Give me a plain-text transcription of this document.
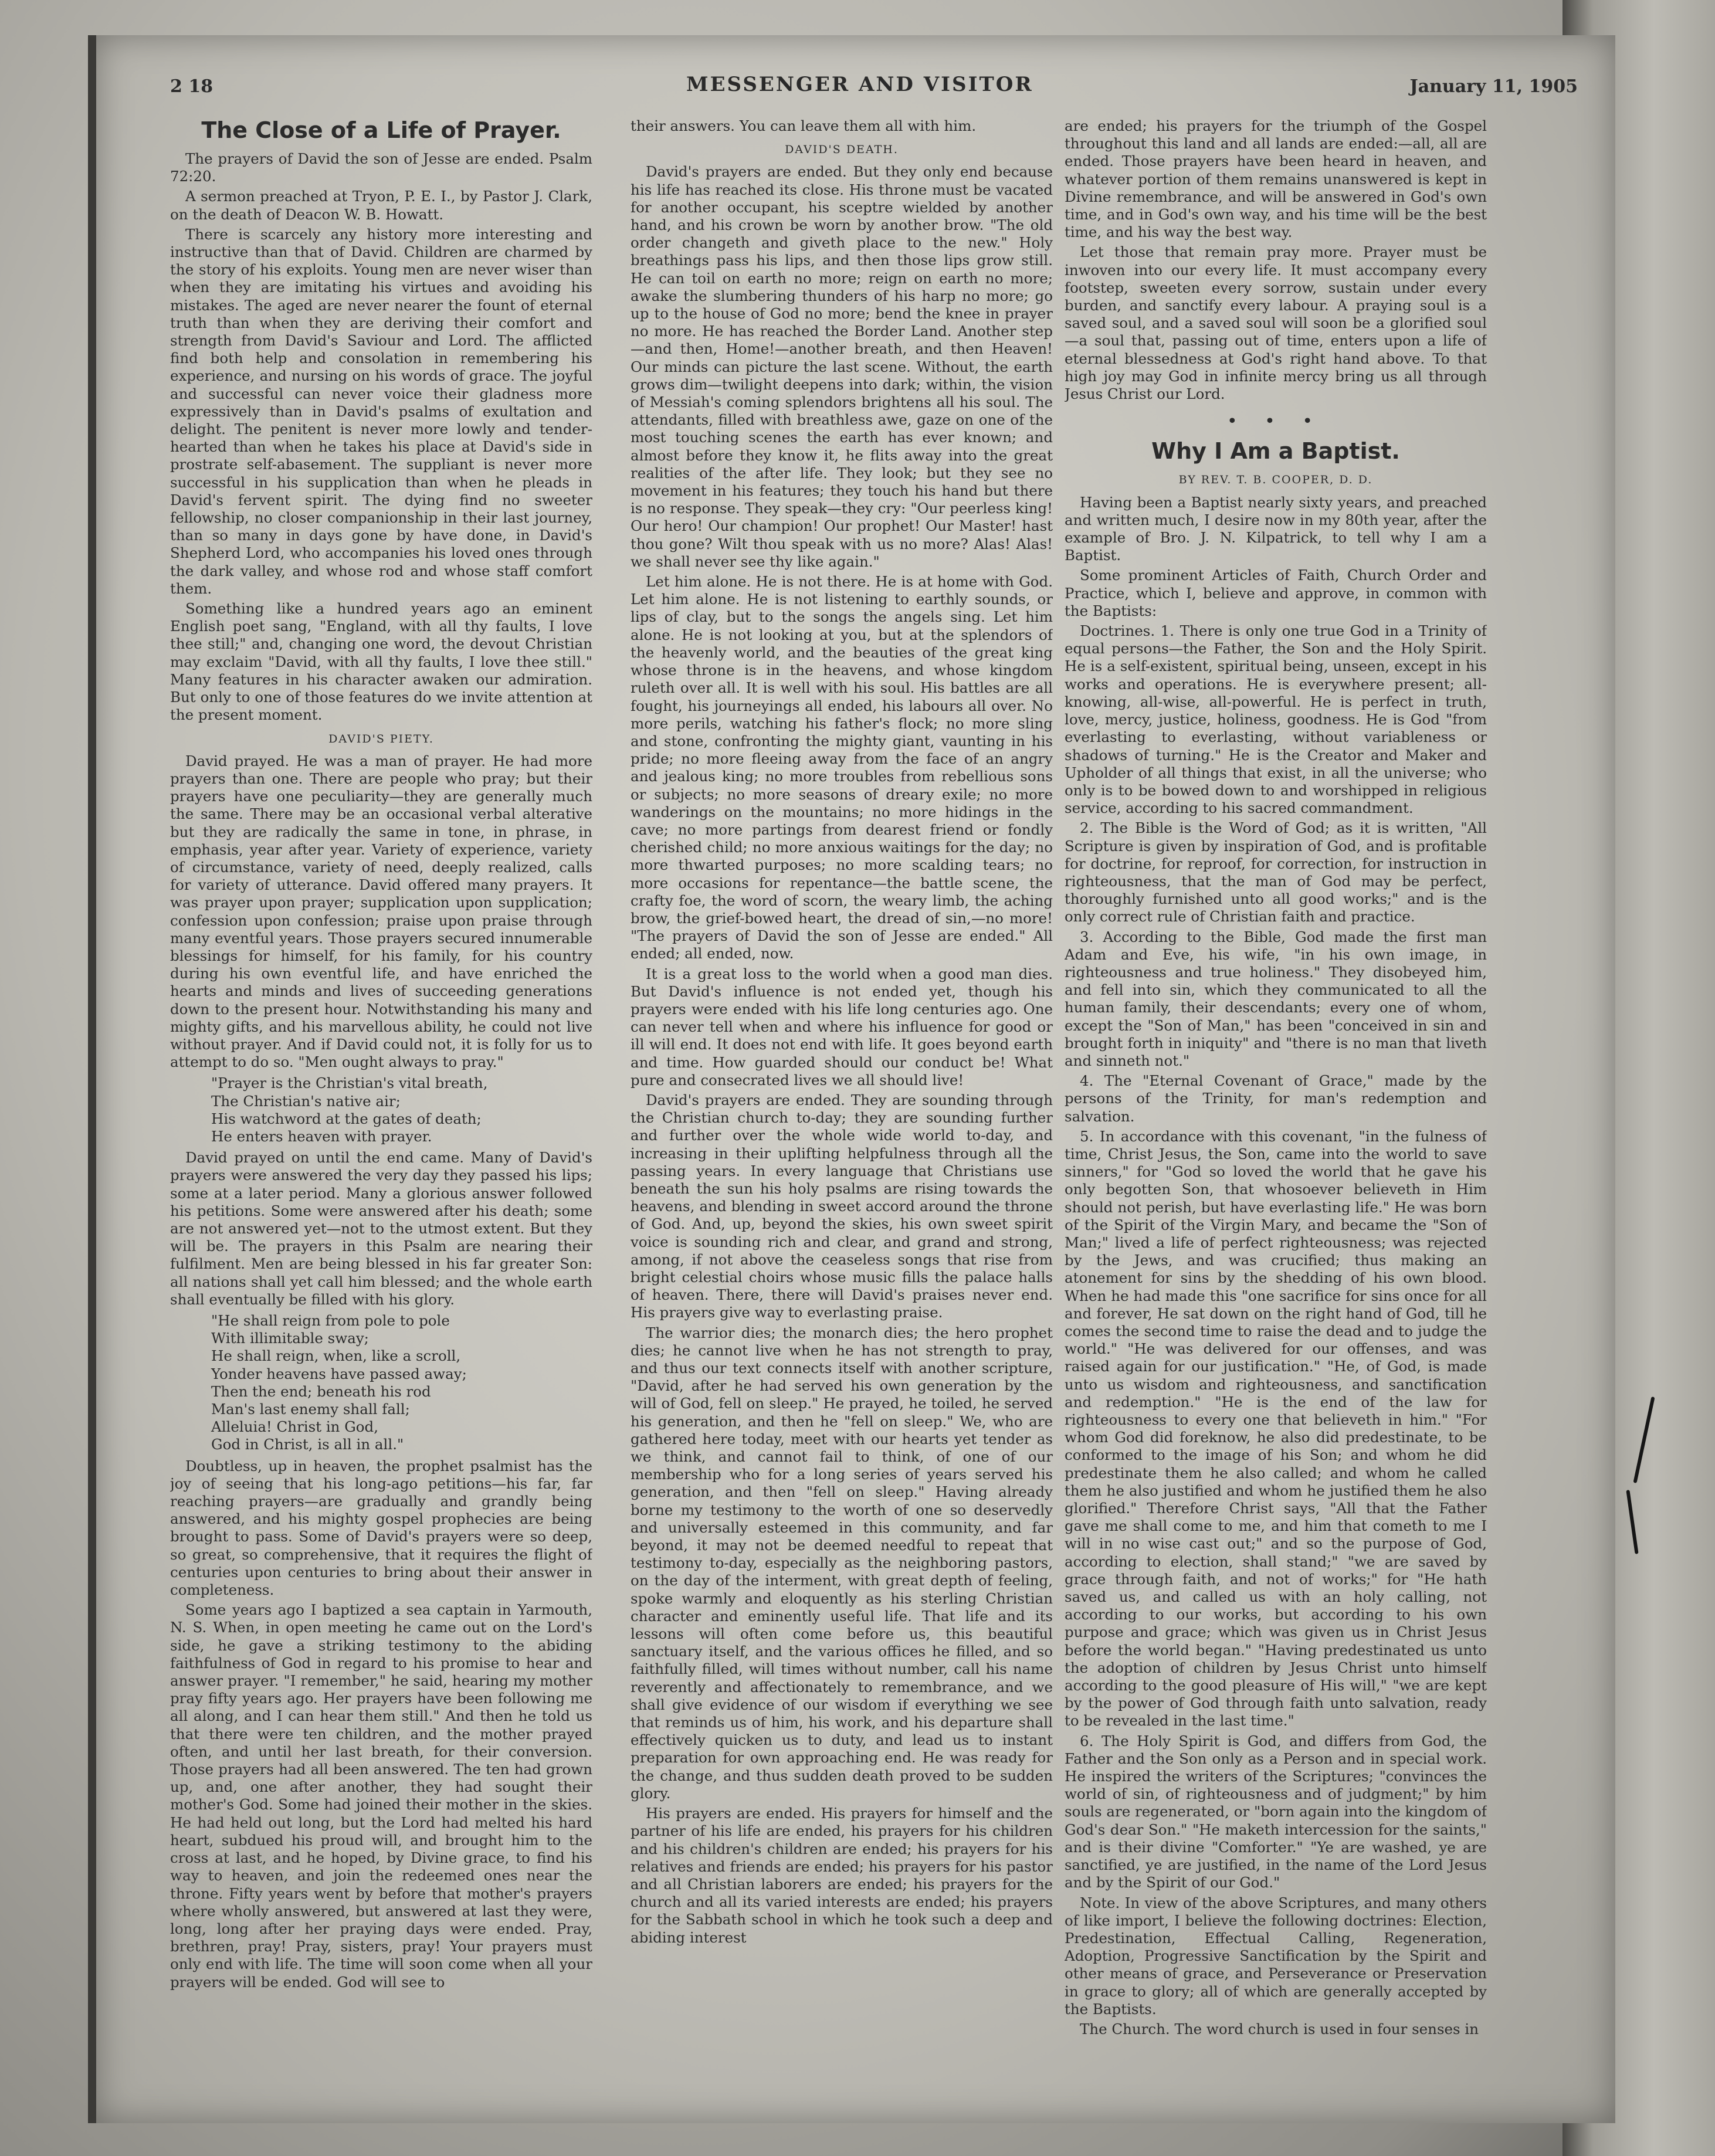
2 18	MESSENGER AND VISITOR	January 11, 1905

The Close of a Life of Prayer.

The prayers of David the son of Jesse are ended. Psalm 72:20.

A sermon preached at Tryon, P. E. I., by Pastor J. Clark, on the death of Deacon W. B. Howatt.

There is scarcely any history more interesting and instructive than that of David. Children are charmed by the story of his exploits. Young men are never wiser than when they are imitating his virtues and avoiding his mistakes. The aged are never nearer the fount of eternal truth than when they are deriving their comfort and strength from David's Saviour and Lord. The afflicted find both help and consolation in remembering his experience, and nursing on his words of grace. The joyful and successful can never voice their gladness more expressively than in David's psalms of exultation and delight. The penitent is never more lowly and tender-hearted than when he takes his place at David's side in prostrate self-abasement. The suppliant is never more successful in his supplication than when he pleads in David's fervent spirit. The dying find no sweeter fellowship, no closer companionship in their last journey, than so many in days gone by have done, in David's Shepherd Lord, who accompanies his loved ones through the dark valley, and whose rod and whose staff comfort them.

Something like a hundred years ago an eminent English poet sang, "England, with all thy faults, I love thee still;" and, changing one word, the devout Christian may exclaim "David, with all thy faults, I love thee still." Many features in his character awaken our admiration. But only to one of those features do we invite attention at the present moment.

DAVID'S PIETY.

David prayed. He was a man of prayer. He had more prayers than one. There are people who pray; but their prayers have one peculiarity—they are generally much the same. There may be an occasional verbal alterative but they are radically the same in tone, in phrase, in emphasis, year after year. Variety of experience, variety of circumstance, variety of need, deeply realized, calls for variety of utterance. David offered many prayers. It was prayer upon prayer; supplication upon supplication; confession upon confession; praise upon praise through many eventful years. Those prayers secured innumerable blessings for himself, for his family, for his country during his own eventful life, and have enriched the hearts and minds and lives of succeeding generations down to the present hour. Notwithstanding his many and mighty gifts, and his marvellous ability, he could not live without prayer. And if David could not, it is folly for us to attempt to do so. "Men ought always to pray."

"Prayer is the Christian's vital breath,
The Christian's native air;
His watchword at the gates of death;
He enters heaven with prayer.

David prayed on until the end came. Many of David's prayers were answered the very day they passed his lips; some at a later period. Many a glorious answer followed his petitions. Some were answered after his death; some are not answered yet—not to the utmost extent. But they will be. The prayers in this Psalm are nearing their fulfilment. Men are being blessed in his far greater Son: all nations shall yet call him blessed; and the whole earth shall eventually be filled with his glory.

"He shall reign from pole to pole
With illimitable sway;
He shall reign, when, like a scroll,
Yonder heavens have passed away;
Then the end; beneath his rod
Man's last enemy shall fall;
Alleluia! Christ in God,
God in Christ, is all in all."

Doubtless, up in heaven, the prophet psalmist has the joy of seeing that his long-ago petitions—his far, far reaching prayers—are gradually and grandly being answered, and his mighty gospel prophecies are being brought to pass. Some of David's prayers were so deep, so great, so comprehensive, that it requires the flight of centuries upon centuries to bring about their answer in completeness.

Some years ago I baptized a sea captain in Yarmouth, N. S. When, in open meeting he came out on the Lord's side, he gave a striking testimony to the abiding faithfulness of God in regard to his promise to hear and answer prayer. "I remember," he said, hearing my mother pray fifty years ago. Her prayers have been following me all along, and I can hear them still." And then he told us that there were ten children, and the mother prayed often, and until her last breath, for their conversion. Those prayers had all been answered. The ten had grown up, and, one after another, they had sought their mother's God. Some had joined their mother in the skies. He had held out long, but the Lord had melted his hard heart, subdued his proud will, and brought him to the cross at last, and he hoped, by Divine grace, to find his way to heaven, and join the redeemed ones near the throne. Fifty years went by before that mother's prayers where wholly answered, but answered at last they were, long, long after her praying days were ended. Pray, brethren, pray! Pray, sisters, pray! Your prayers must only end with life. The time will soon come when all your prayers will be ended. God will see to

their answers. You can leave them all with him.

DAVID'S DEATH.

David's prayers are ended. But they only end because his life has reached its close. His throne must be vacated for another occupant, his sceptre wielded by another hand, and his crown be worn by another brow. "The old order changeth and giveth place to the new." Holy breathings pass his lips, and then those lips grow still. He can toil on earth no more; reign on earth no more; awake the slumbering thunders of his harp no more; go up to the house of God no more; bend the knee in prayer no more. He has reached the Border Land. Another step—and then, Home!—another breath, and then Heaven! Our minds can picture the last scene. Without, the earth grows dim—twilight deepens into dark; within, the vision of Messiah's coming splendors brightens all his soul. The attendants, filled with breathless awe, gaze on one of the most touching scenes the earth has ever known; and almost before they know it, he flits away into the great realities of the after life. They look; but they see no movement in his features; they touch his hand but there is no response. They speak—they cry: "Our peerless king! Our hero! Our champion! Our prophet! Our Master! hast thou gone? Wilt thou speak with us no more? Alas! Alas! we shall never see thy like again."

Let him alone. He is not there. He is at home with God. Let him alone. He is not listening to earthly sounds, or lips of clay, but to the songs the angels sing. Let him alone. He is not looking at you, but at the splendors of the heavenly world, and the beauties of the great king whose throne is in the heavens, and whose kingdom ruleth over all. It is well with his soul. His battles are all fought, his journeyings all ended, his labours all over. No more perils, watching his father's flock; no more sling and stone, confronting the mighty giant, vaunting in his pride; no more fleeing away from the face of an angry and jealous king; no more troubles from rebellious sons or subjects; no more seasons of dreary exile; no more wanderings on the mountains; no more hidings in the cave; no more partings from dearest friend or fondly cherished child; no more anxious waitings for the day; no more thwarted purposes; no more scalding tears; no more occasions for repentance—the battle scene, the crafty foe, the word of scorn, the weary limb, the aching brow, the grief-bowed heart, the dread of sin,—no more! "The prayers of David the son of Jesse are ended." All ended; all ended, now.

It is a great loss to the world when a good man dies. But David's influence is not ended yet, though his prayers were ended with his life long centuries ago. One can never tell when and where his influence for good or ill will end. It does not end with life. It goes beyond earth and time. How guarded should our conduct be! What pure and consecrated lives we all should live!

David's prayers are ended. They are sounding through the Christian church to-day; they are sounding further and further over the whole wide world to-day, and increasing in their uplifting helpfulness through all the passing years. In every language that Christians use beneath the sun his holy psalms are rising towards the heavens, and blending in sweet accord around the throne of God. And, up, beyond the skies, his own sweet spirit voice is sounding rich and clear, and grand and strong, among, if not above the ceaseless songs that rise from bright celestial choirs whose music fills the palace halls of heaven. There, there will David's praises never end. His prayers give way to everlasting praise.

The warrior dies; the monarch dies; the hero prophet dies; he cannot live when he has not strength to pray, and thus our text connects itself with another scripture, "David, after he had served his own generation by the will of God, fell on sleep." He prayed, he toiled, he served his generation, and then he "fell on sleep." We, who are gathered here today, meet with our hearts yet tender as we think, and cannot fail to think, of one of our membership who for a long series of years served his generation, and then "fell on sleep." Having already borne my testimony to the worth of one so deservedly and universally esteemed in this community, and far beyond, it may not be deemed needful to repeat that testimony to-day, especially as the neighboring pastors, on the day of the interment, with great depth of feeling, spoke warmly and eloquently as his sterling Christian character and eminently useful life. That life and its lessons will often come before us, this beautiful sanctuary itself, and the various offices he filled, and so faithfully filled, will times without number, call his name reverently and affectionately to remembrance, and we shall give evidence of our wisdom if everything we see that reminds us of him, his work, and his departure shall effectively quicken us to duty, and lead us to instant preparation for own approaching end. He was ready for the change, and thus sudden death proved to be sudden glory.

His prayers are ended. His prayers for himself and the partner of his life are ended, his prayers for his children and his children's children are ended; his prayers for his relatives and friends are ended; his prayers for his pastor and all Christian laborers are ended; his prayers for the church and all its varied interests are ended; his prayers for the Sabbath school in which he took such a deep and abiding interest

are ended; his prayers for the triumph of the Gospel throughout this land and all lands are ended:—all, all are ended. Those prayers have been heard in heaven, and whatever portion of them remains unanswered is kept in Divine remembrance, and will be answered in God's own time, and in God's own way, and his time will be the best time, and his way the best way.

Let those that remain pray more. Prayer must be inwoven into our every life. It must accompany every footstep, sweeten every sorrow, sustain under every burden, and sanctify every labour. A praying soul is a saved soul, and a saved soul will soon be a glorified soul—a soul that, passing out of time, enters upon a life of eternal blessedness at God's right hand above. To that high joy may God in infinite mercy bring us all through Jesus Christ our Lord.

• • •

Why I Am a Baptist.

BY REV. T. B. COOPER, D. D.

Having been a Baptist nearly sixty years, and preached and written much, I desire now in my 80th year, after the example of Bro. J. N. Kilpatrick, to tell why I am a Baptist.

Some prominent Articles of Faith, Church Order and Practice, which I, believe and approve, in common with the Baptists:

Doctrines. 1. There is only one true God in a Trinity of equal persons—the Father, the Son and the Holy Spirit. He is a self-existent, spiritual being, unseen, except in his works and operations. He is everywhere present; all-knowing, all-wise, all-powerful. He is perfect in truth, love, mercy, justice, holiness, goodness. He is God "from everlasting to everlasting, without variableness or shadows of turning." He is the Creator and Maker and Upholder of all things that exist, in all the universe; who only is to be bowed down to and worshipped in religious service, according to his sacred commandment.

2. The Bible is the Word of God; as it is written, "All Scripture is given by inspiration of God, and is profitable for doctrine, for reproof, for correction, for instruction in righteousness, that the man of God may be perfect, thoroughly furnished unto all good works;" and is the only correct rule of Christian faith and practice.

3. According to the Bible, God made the first man Adam and Eve, his wife, "in his own image, in righteousness and true holiness." They disobeyed him, and fell into sin, which they communicated to all the human family, their descendants; every one of whom, except the "Son of Man," has been "conceived in sin and brought forth in iniquity" and "there is no man that liveth and sinneth not."

4. The "Eternal Covenant of Grace," made by the persons of the Trinity, for man's redemption and salvation.

5. In accordance with this covenant, "in the fulness of time, Christ Jesus, the Son, came into the world to save sinners," for "God so loved the world that he gave his only begotten Son, that whosoever believeth in Him should not perish, but have everlasting life." He was born of the Spirit of the Virgin Mary, and became the "Son of Man;" lived a life of perfect righteousness; was rejected by the Jews, and was crucified; thus making an atonement for sins by the shedding of his own blood. When he had made this "one sacrifice for sins once for all and forever, He sat down on the right hand of God, till he comes the second time to raise the dead and to judge the world." "He was delivered for our offenses, and was raised again for our justification." "He, of God, is made unto us wisdom and righteousness, and sanctification and redemption." "He is the end of the law for righteousness to every one that believeth in him." "For whom God did foreknow, he also did predestinate, to be conformed to the image of his Son; and whom he did predestinate them he also called; and whom he called them he also justified and whom he justified them he also glorified." Therefore Christ says, "All that the Father gave me shall come to me, and him that cometh to me I will in no wise cast out;" and so the purpose of God, according to election, shall stand;" "we are saved by grace through faith, and not of works;" for "He hath saved us, and called us with an holy calling, not according to our works, but according to his own purpose and grace; which was given us in Christ Jesus before the world began." "Having predestinated us unto the adoption of children by Jesus Christ unto himself according to the good pleasure of His will," "we are kept by the power of God through faith unto salvation, ready to be revealed in the last time."

6. The Holy Spirit is God, and differs from God, the Father and the Son only as a Person and in special work. He inspired the writers of the Scriptures; "convinces the world of sin, of righteousness and of judgment;" by him souls are regenerated, or "born again into the kingdom of God's dear Son." "He maketh intercession for the saints," and is their divine "Comforter." "Ye are washed, ye are sanctified, ye are justified, in the name of the Lord Jesus and by the Spirit of our God."

Note. In view of the above Scriptures, and many others of like import, I believe the following doctrines: Election, Predestination, Effectual Calling, Regeneration, Adoption, Progressive Sanctification by the Spirit and other means of grace, and Perseverance or Preservation in grace to glory; all of which are generally accepted by the Baptists.

The Church. The word church is used in four senses in
